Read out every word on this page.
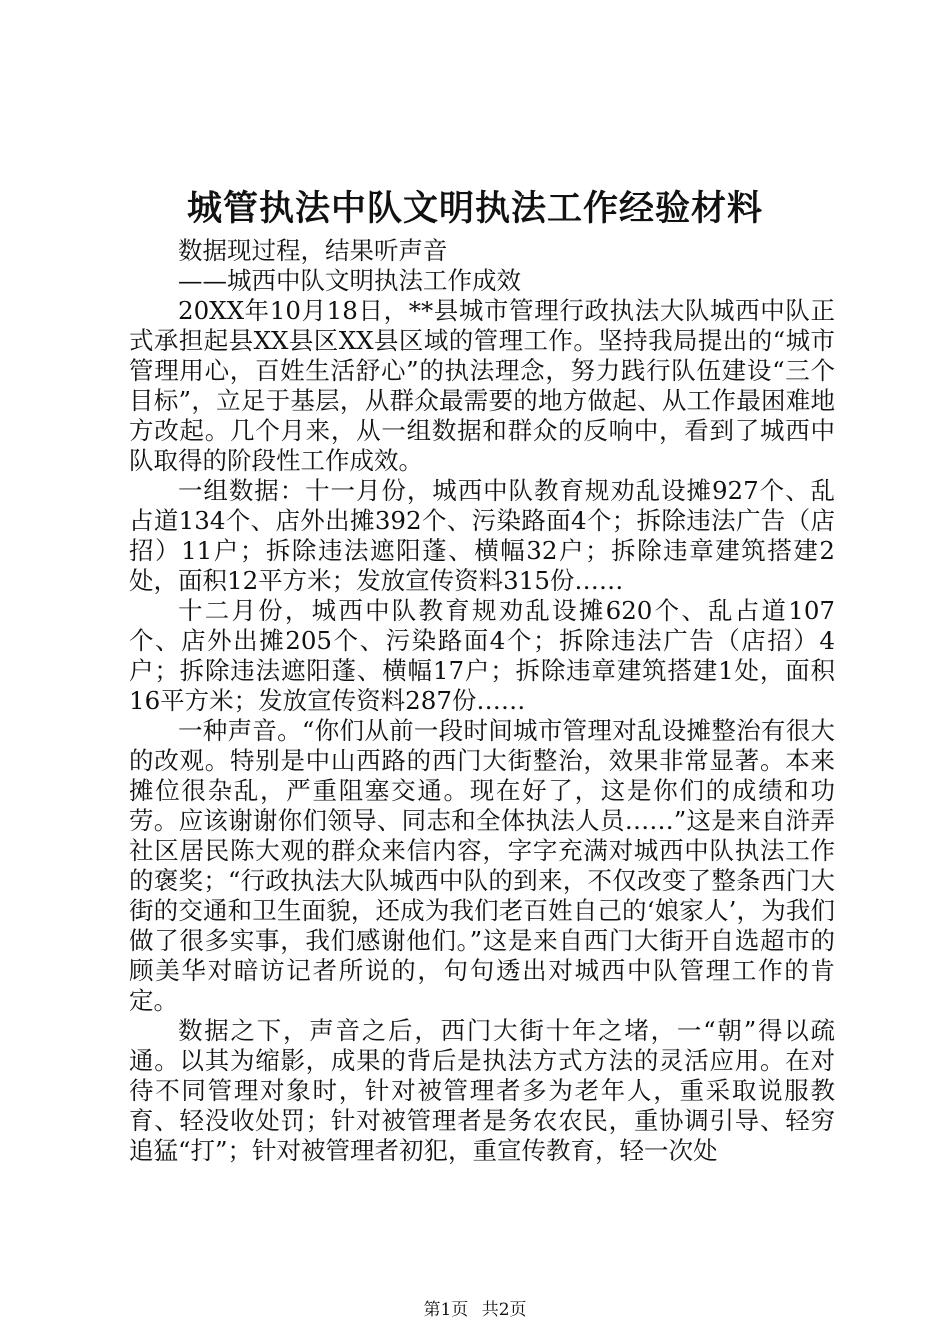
城管执法中队文明执法工作经验材料

数据现过程，结果听声音

——城西中队文明执法工作成效

20XX年10月18日，**县城市管理行政执法大队城西中队正式承担起县XX县区XX县区域的管理工作。坚持我局提出的“城市管理用心，百姓生活舒心”的执法理念，努力践行队伍建设“三个目标”，立足于基层，从群众最需要的地方做起、从工作最困难地方改起。几个月来，从一组数据和群众的反响中，看到了城西中队取得的阶段性工作成效。

一组数据：十一月份，城西中队教育规劝乱设摊927个、乱占道134个、店外出摊392个、污染路面4个；拆除违法广告（店招）11户；拆除违法遮阳蓬、横幅32户；拆除违章建筑搭建2处，面积12平方米；发放宣传资料315份……

十二月份，城西中队教育规劝乱设摊620个、乱占道107个、店外出摊205个、污染路面4个；拆除违法广告（店招）4户；拆除违法遮阳蓬、横幅17户；拆除违章建筑搭建1处，面积16平方米；发放宣传资料287份……

一种声音。“你们从前一段时间城市管理对乱设摊整治有很大的改观。特别是中山西路的西门大街整治，效果非常显著。本来摊位很杂乱，严重阻塞交通。现在好了，这是你们的成绩和功劳。应该谢谢你们领导、同志和全体执法人员……”这是来自浒弄社区居民陈大观的群众来信内容，字字充满对城西中队执法工作的褒奖；“行政执法大队城西中队的到来，不仅改变了整条西门大街的交通和卫生面貌，还成为我们老百姓自己的‘娘家人’，为我们做了很多实事，我们感谢他们。”这是来自西门大街开自选超市的顾美华对暗访记者所说的，句句透出对城西中队管理工作的肯定。

数据之下，声音之后，西门大街十年之堵，一“朝”得以疏通。以其为缩影，成果的背后是执法方式方法的灵活应用。在对待不同管理对象时，针对被管理者多为老年人，重采取说服教育、轻没收处罚；针对被管理者是务农农民，重协调引导、轻穷追猛“打”；针对被管理者初犯，重宣传教育，轻一次处

第1页 共2页
